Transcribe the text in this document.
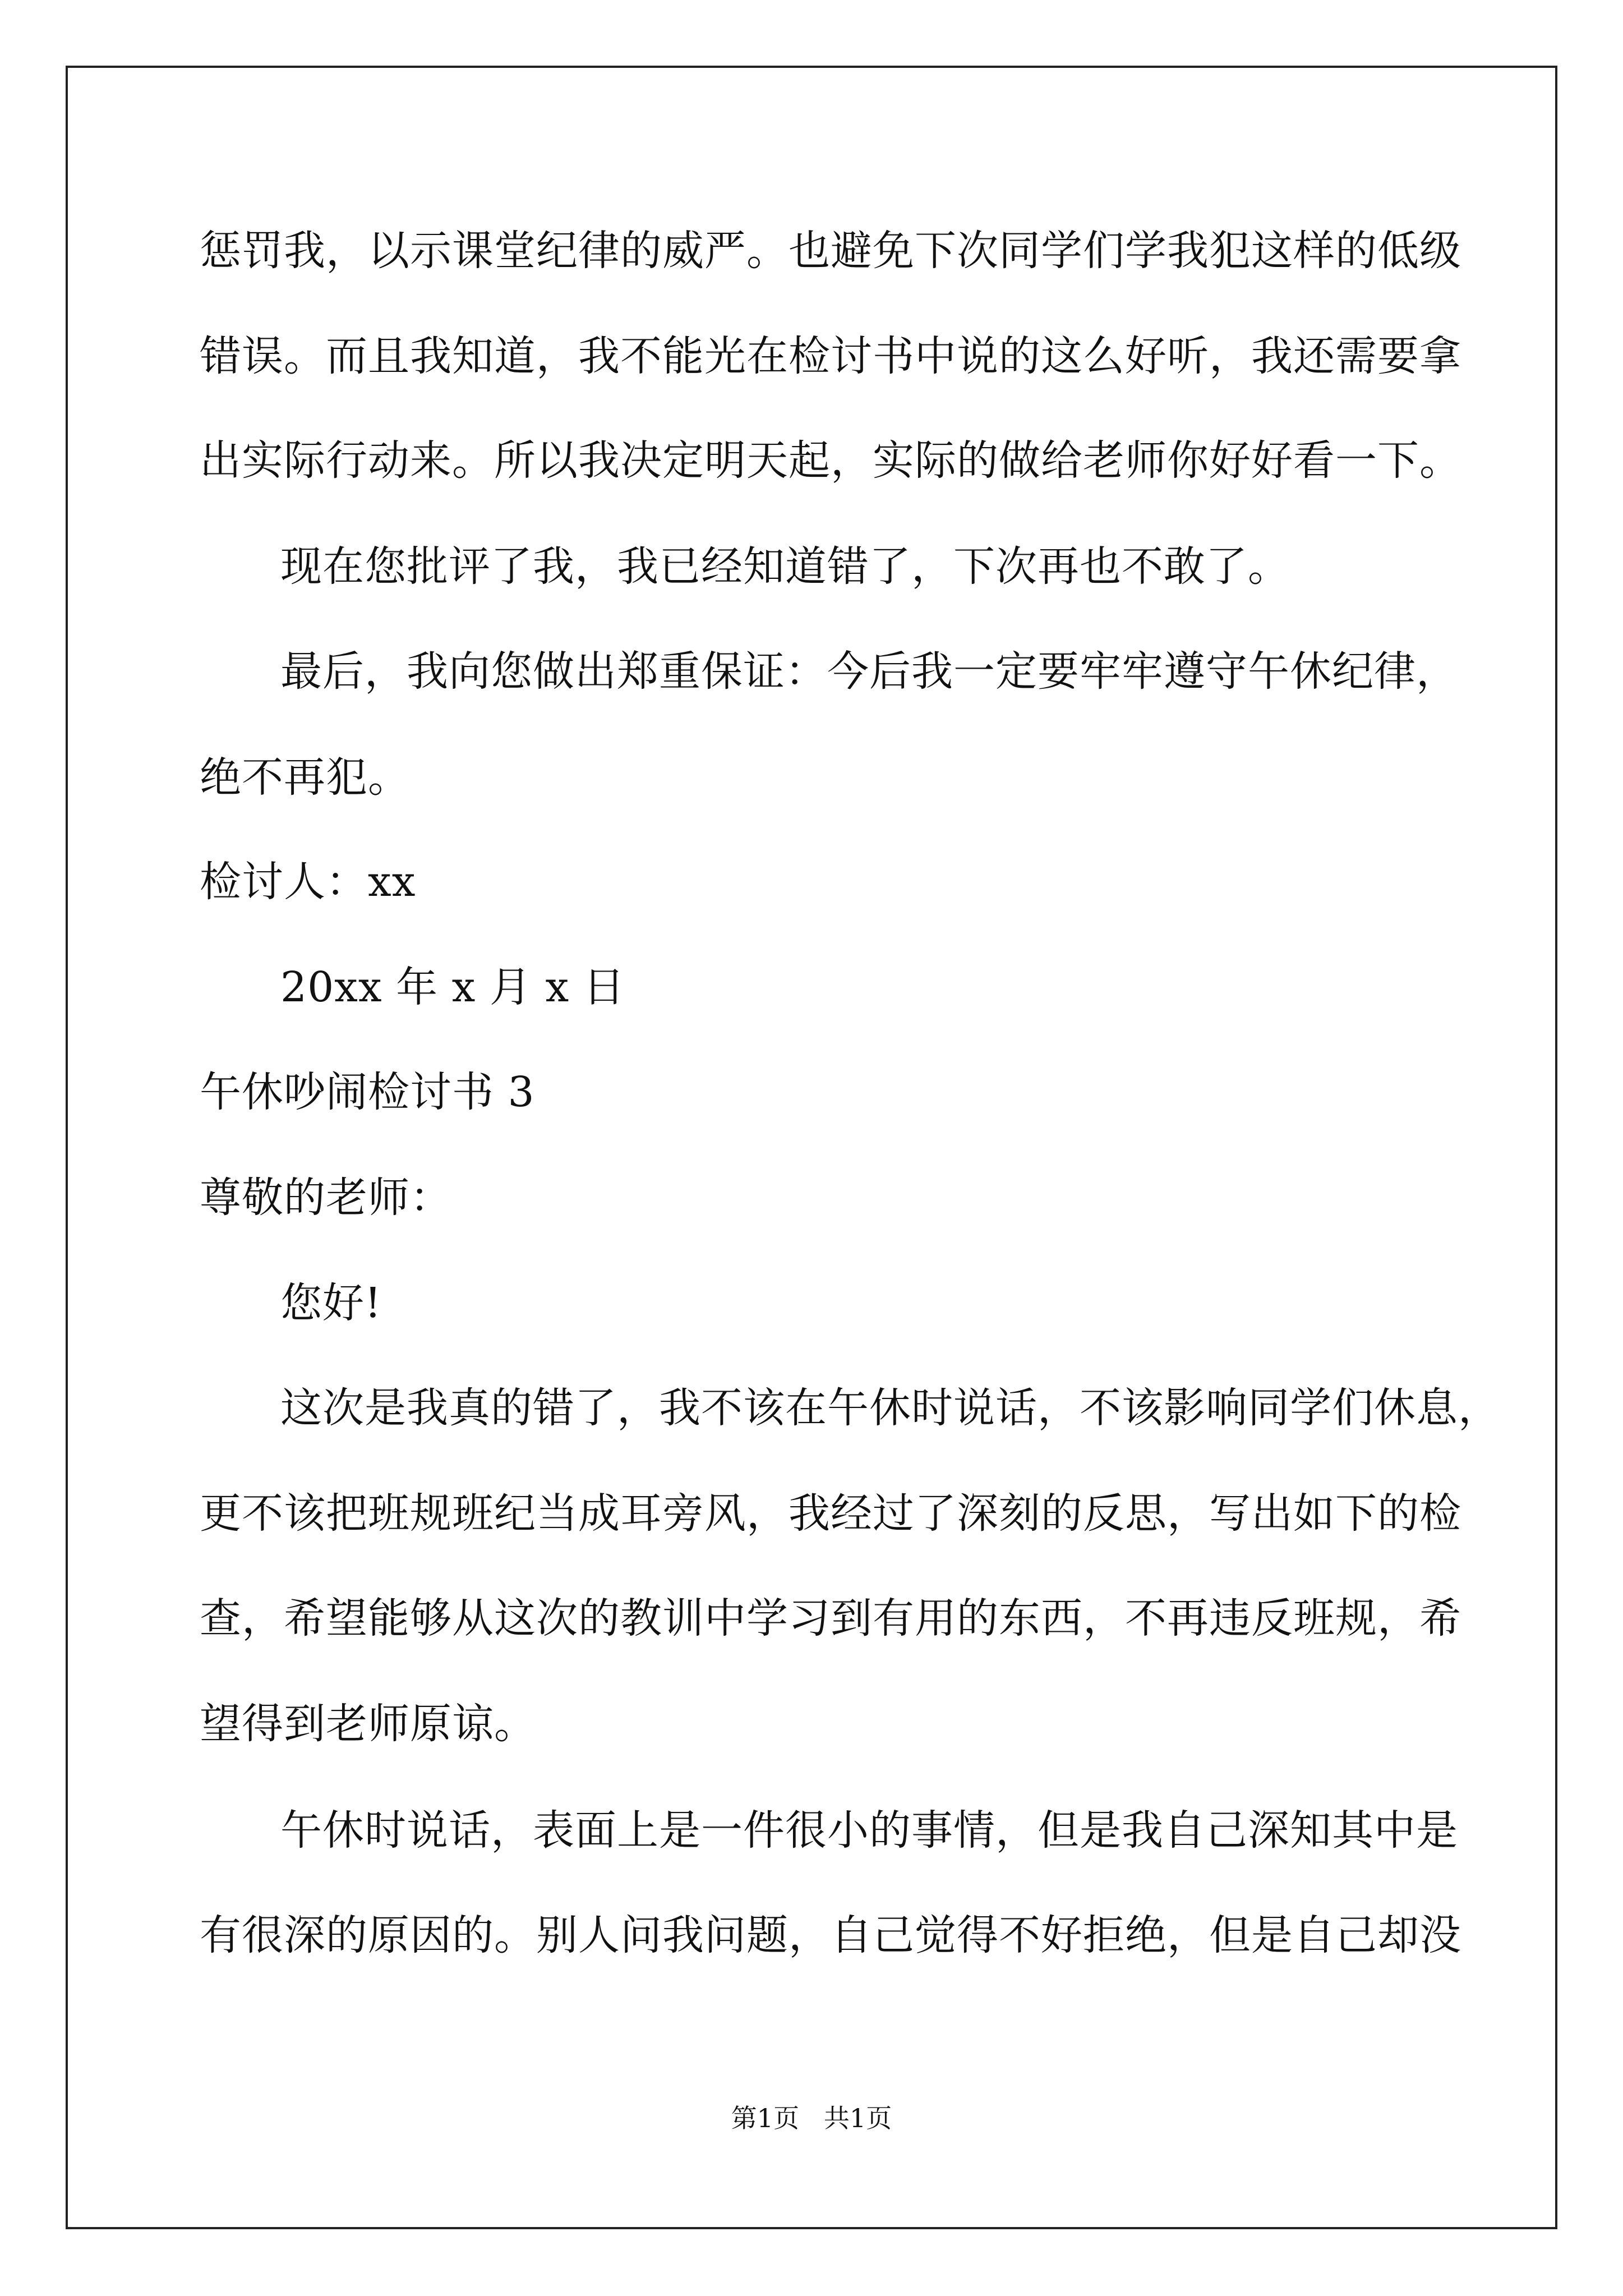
惩罚我，以示课堂纪律的威严。也避免下次同学们学我犯这样的低级
错误。而且我知道，我不能光在检讨书中说的这么好听，我还需要拿
出实际行动来。所以我决定明天起，实际的做给老师你好好看一下。
现在您批评了我，我已经知道错了，下次再也不敢了。
最后，我向您做出郑重保证：今后我一定要牢牢遵守午休纪律，
绝不再犯。
检讨人：xx
20xx 年 x 月 x 日
午休吵闹检讨书 3
尊敬的老师：
您好!
这次是我真的错了，我不该在午休时说话，不该影响同学们休息，
更不该把班规班纪当成耳旁风，我经过了深刻的反思，写出如下的检
查，希望能够从这次的教训中学习到有用的东西，不再违反班规，希
望得到老师原谅。
午休时说话，表面上是一件很小的事情，但是我自己深知其中是
有很深的原因的。别人问我问题，自己觉得不好拒绝，但是自己却没
第1页   共1页
